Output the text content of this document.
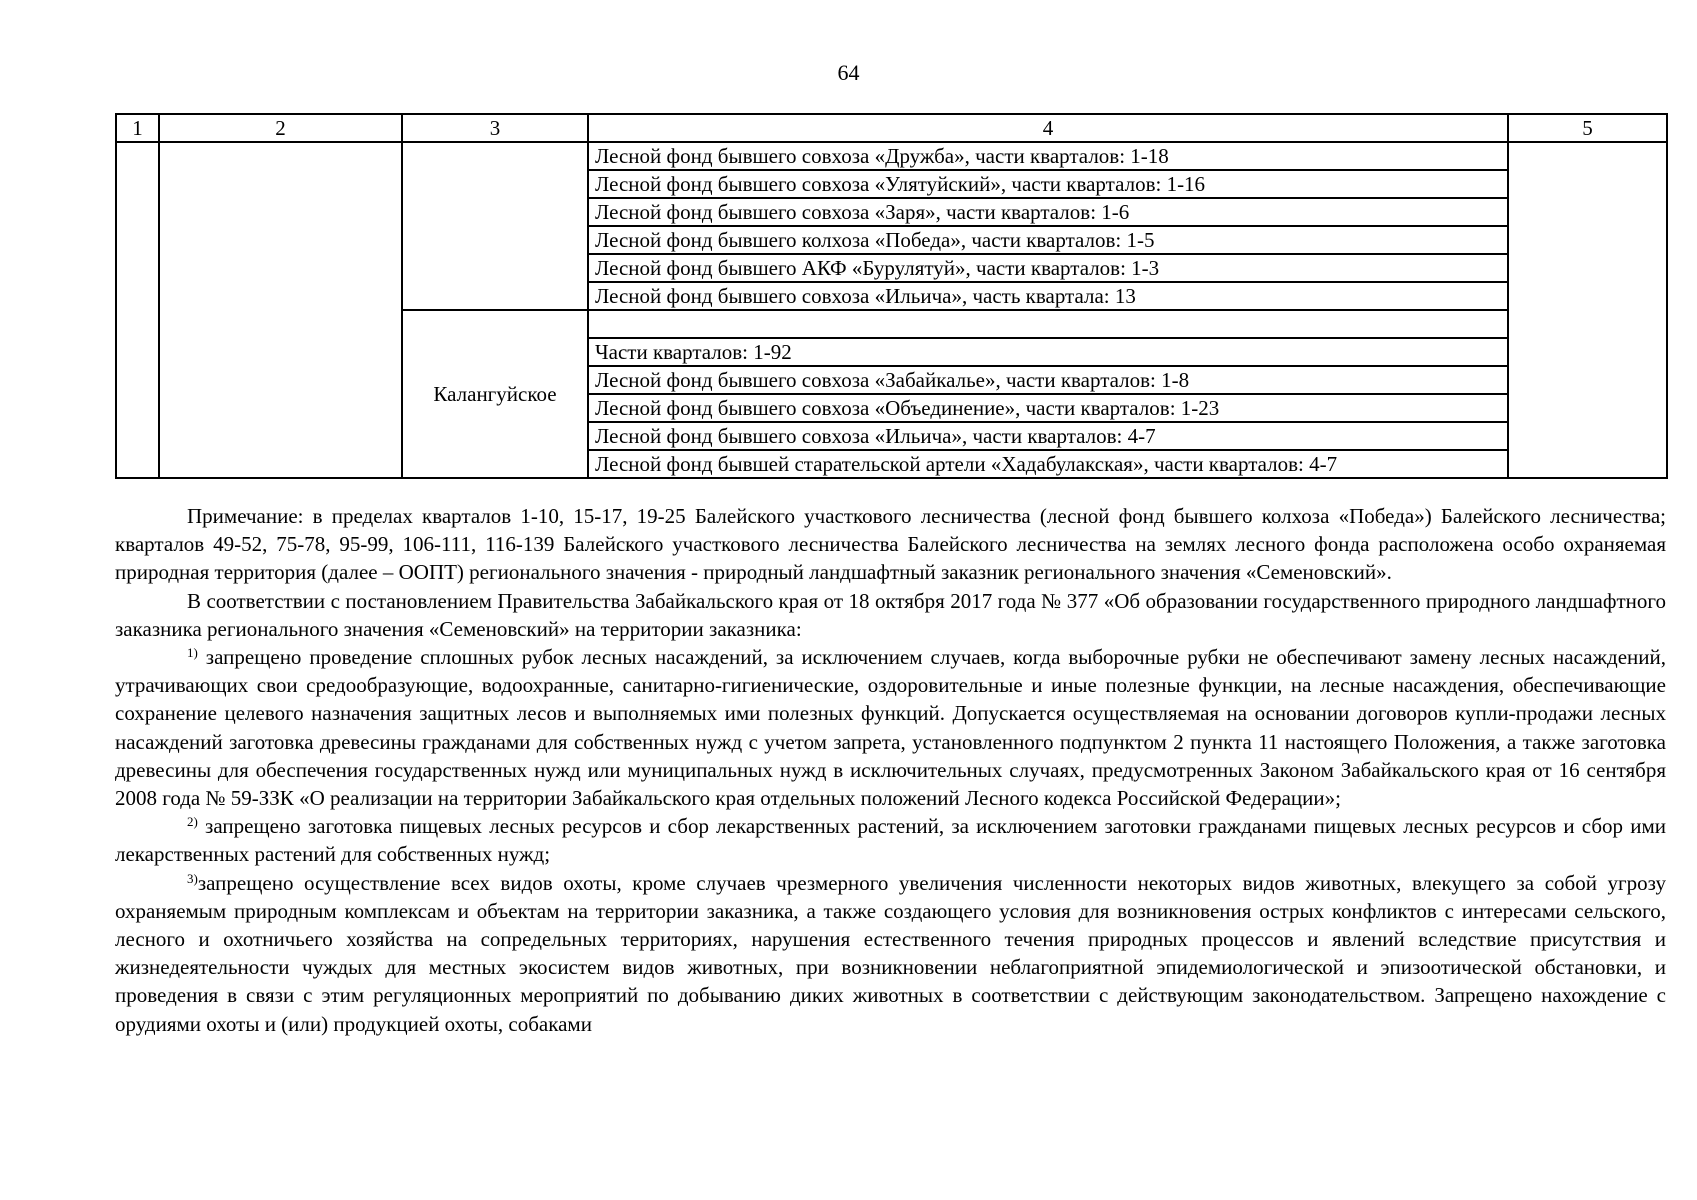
64
1	2	3	4	5
			Лесной фонд бывшего совхоза «Дружба», части кварталов: 1-18	
			Лесной фонд бывшего совхоза «Улятуйский», части кварталов: 1-16	
			Лесной фонд бывшего совхоза «Заря», части кварталов: 1-6	
			Лесной фонд бывшего колхоза «Победа», части кварталов: 1-5	
			Лесной фонд бывшего АКФ «Бурулятуй», части кварталов: 1-3	
			Лесной фонд бывшего совхоза «Ильича», часть квартала: 13	
		Калангуйское		
			Части кварталов: 1-92	
			Лесной фонд бывшего совхоза «Забайкалье», части кварталов: 1-8	
			Лесной фонд бывшего совхоза «Объединение», части кварталов: 1-23	
			Лесной фонд бывшего совхоза «Ильича», части кварталов: 4-7	
			Лесной фонд бывшей старательской артели «Хадабулакская», части кварталов: 4-7	

Примечание: в пределах кварталов 1-10, 15-17, 19-25 Балейского участкового лесничества (лесной фонд бывшего колхоза «Победа») Балейского лесничества; кварталов 49-52, 75-78, 95-99, 106-111, 116-139 Балейского участкового лесничества Балейского лесничества на землях лесного фонда расположена особо охраняемая природная территория (далее – ООПТ) регионального значения - природный ландшафтный заказник регионального значения «Семеновский».

В соответствии с постановлением Правительства Забайкальского края от 18 октября 2017 года № 377 «Об образовании государственного природного ландшафтного заказника регионального значения «Семеновский» на территории заказника:

$^{1)}$ запрещено проведение сплошных рубок лесных насаждений, за исключением случаев, когда выборочные рубки не обеспечивают замену лесных насаждений, утрачивающих свои средообразующие, водоохранные, санитарно-гигиенические, оздоровительные и иные полезные функции, на лесные насаждения, обеспечивающие сохранение целевого назначения защитных лесов и выполняемых ими полезных функций. Допускается осуществляемая на основании договоров купли-продажи лесных насаждений заготовка древесины гражданами для собственных нужд с учетом запрета, установленного подпунктом 2 пункта 11 настоящего Положения, а также заготовка древесины для обеспечения государственных нужд или муниципальных нужд в исключительных случаях, предусмотренных Законом Забайкальского края от 16 сентября 2008 года № 59-ЗЗК «О реализации на территории Забайкальского края отдельных положений Лесного кодекса Российской Федерации»;

$^{2)}$ запрещено заготовка пищевых лесных ресурсов и сбор лекарственных растений, за исключением заготовки гражданами пищевых лесных ресурсов и сбор ими лекарственных растений для собственных нужд;

$^{3)}$запрещено осуществление всех видов охоты, кроме случаев чрезмерного увеличения численности некоторых видов животных, влекущего за собой угрозу охраняемым природным комплексам и объектам на территории заказника, а также создающего условия для возникновения острых конфликтов с интересами сельского, лесного и охотничьего хозяйства на сопредельных территориях, нарушения естественного течения природных процессов и явлений вследствие присутствия и жизнедеятельности чуждых для местных экосистем видов животных, при возникновении неблагоприятной эпидемиологической и эпизоотической обстановки, и проведения в связи с этим регуляционных мероприятий по добыванию диких животных в соответствии с действующим законодательством. Запрещено нахождение с орудиями охоты и (или) продукцией охоты, собаками
